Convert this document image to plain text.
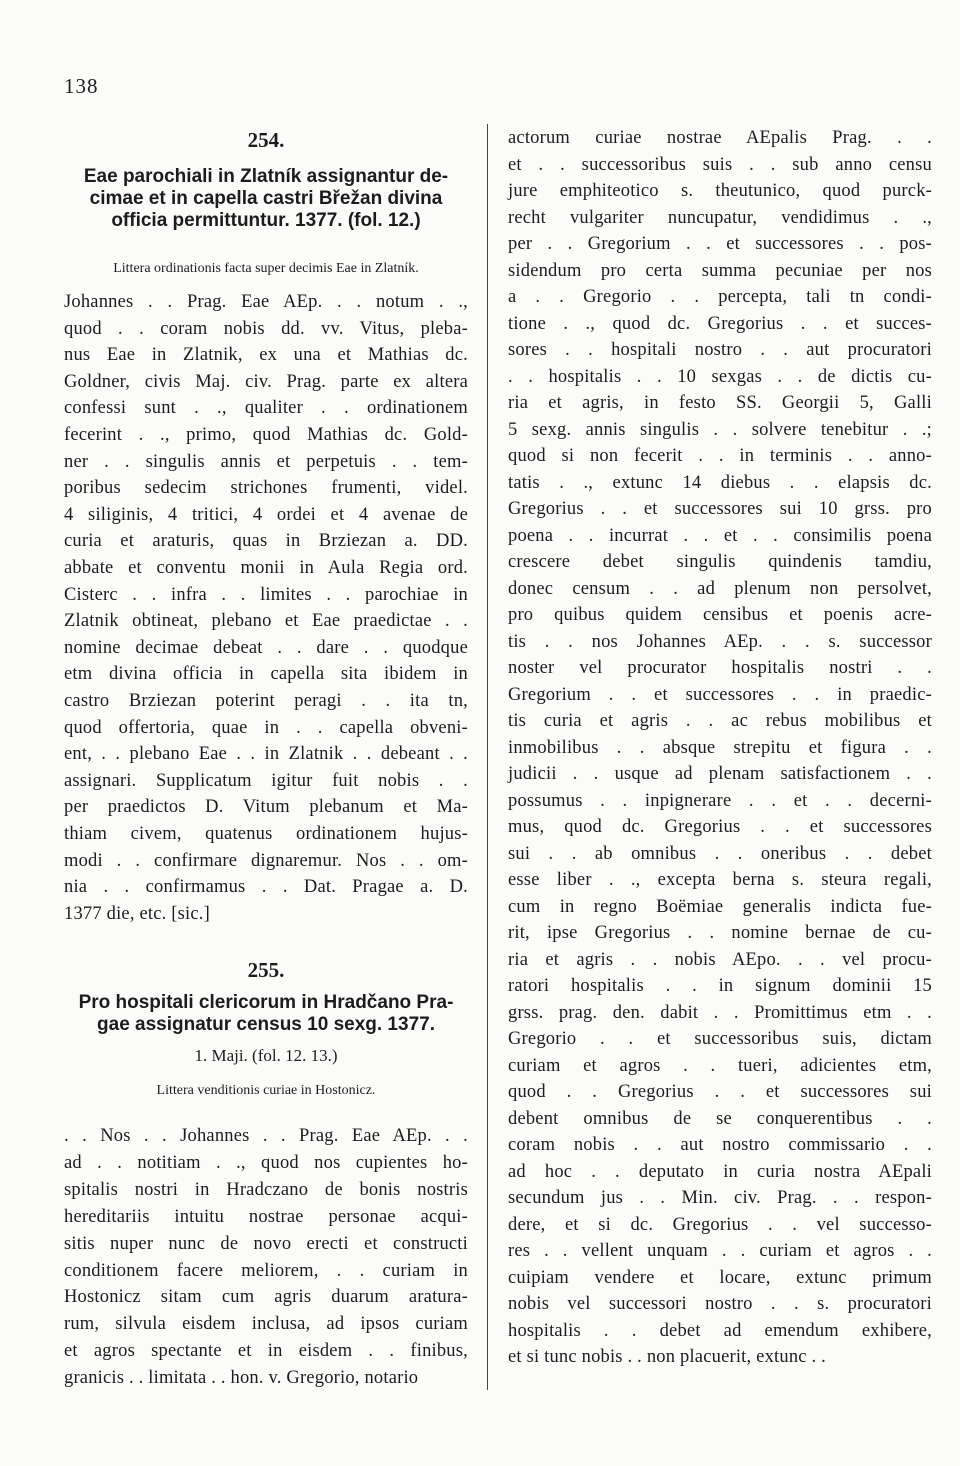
138
254.
Eae parochiali in Zlatník assignantur de-
cimae et in capella castri Břežan divina
officia permittuntur. 1377. (fol. 12.)
Littera ordinationis facta super decimis Eae in Zlatník.
Johannes . . Prag. Eae AEp. . . notum . .,
quod . . coram nobis dd. vv. Vitus, pleba-
nus Eae in Zlatnik, ex una et Mathias dc.
Goldner, civis Maj. civ. Prag. parte ex altera
confessi sunt . ., qualiter . . ordinationem
fecerint . ., primo, quod Mathias dc. Gold-
ner . . singulis annis et perpetuis . . tem-
poribus sedecim strichones frumenti, videl.
4 siliginis, 4 tritici, 4 ordei et 4 avenae de
curia et araturis, quas in Brziezan a. DD.
abbate et conventu monii in Aula Regia ord.
Cisterc . . infra . . limites . . parochiae in
Zlatnik obtineat, plebano et Eae praedictae . .
nomine decimae debeat . . dare . . quodque
etm divina officia in capella sita ibidem in
castro Brziezan poterint peragi . . ita tn,
quod offertoria, quae in . . capella obveni-
ent, . . plebano Eae . . in Zlatnik . . debeant . .
assignari. Supplicatum igitur fuit nobis . .
per praedictos D. Vitum plebanum et Ma-
thiam civem, quatenus ordinationem hujus-
modi . . confirmare dignaremur. Nos . . om-
nia . . confirmamus . . Dat. Pragae a. D.
1377 die, etc. [sic.]
255.
Pro hospitali clericorum in Hradčano Pra-
gae assignatur census 10 sexg. 1377.
1. Maji. (fol. 12. 13.)
Littera venditionis curiae in Hostonicz.
. . Nos . . Johannes . . Prag. Eae AEp. . .
ad . . notitiam . ., quod nos cupientes ho-
spitalis nostri in Hradczano de bonis nostris
hereditariis intuitu nostrae personae acqui-
sitis nuper nunc de novo erecti et constructi
conditionem facere meliorem, . . curiam in
Hostonicz sitam cum agris duarum aratura-
rum, silvula eisdem inclusa, ad ipsos curiam
et agros spectante et in eisdem . . finibus,
granicis . . limitata . . hon. v. Gregorio, notario
actorum curiae nostrae AEpalis Prag. . .
et . . successoribus suis . . sub anno censu
jure emphiteotico s. theutunico, quod purck-
recht vulgariter nuncupatur, vendidimus . .,
per . . Gregorium . . et successores . . pos-
sidendum pro certa summa pecuniae per nos
a . . Gregorio . . percepta, tali tn condi-
tione . ., quod dc. Gregorius . . et succes-
sores . . hospitali nostro . . aut procuratori
. . hospitalis . . 10 sexgas . . de dictis cu-
ria et agris, in festo SS. Georgii 5, Galli
5 sexg. annis singulis . . solvere tenebitur . .;
quod si non fecerit . . in terminis . . anno-
tatis . ., extunc 14 diebus . . elapsis dc.
Gregorius . . et successores sui 10 grss. pro
poena . . incurrat . . et . . consimilis poena
crescere debet singulis quindenis tamdiu,
donec censum . . ad plenum non persolvet,
pro quibus quidem censibus et poenis acre-
tis . . nos Johannes AEp. . . s. successor
noster vel procurator hospitalis nostri . .
Gregorium . . et successores . . in praedic-
tis curia et agris . . ac rebus mobilibus et
inmobilibus . . absque strepitu et figura . .
judicii . . usque ad plenam satisfactionem . .
possumus . . inpignerare . . et . . decerni-
mus, quod dc. Gregorius . . et successores
sui . . ab omnibus . . oneribus . . debet
esse liber . ., excepta berna s. steura regali,
cum in regno Boëmiae generalis indicta fue-
rit, ipse Gregorius . . nomine bernae de cu-
ria et agris . . nobis AEpo. . . vel procu-
ratori hospitalis . . in signum dominii 15
grss. prag. den. dabit . . Promittimus etm . .
Gregorio . . et successoribus suis, dictam
curiam et agros . . tueri, adicientes etm,
quod . . Gregorius . . et successores sui
debent omnibus de se conquerentibus . .
coram nobis . . aut nostro commissario . .
ad hoc . . deputato in curia nostra AEpali
secundum jus . . Min. civ. Prag. . . respon-
dere, et si dc. Gregorius . . vel successo-
res . . vellent unquam . . curiam et agros . .
cuipiam vendere et locare, extunc primum
nobis vel successori nostro . . s. procuratori
hospitalis . . debet ad emendum exhibere,
et si tunc nobis . . non placuerit, extunc . .
